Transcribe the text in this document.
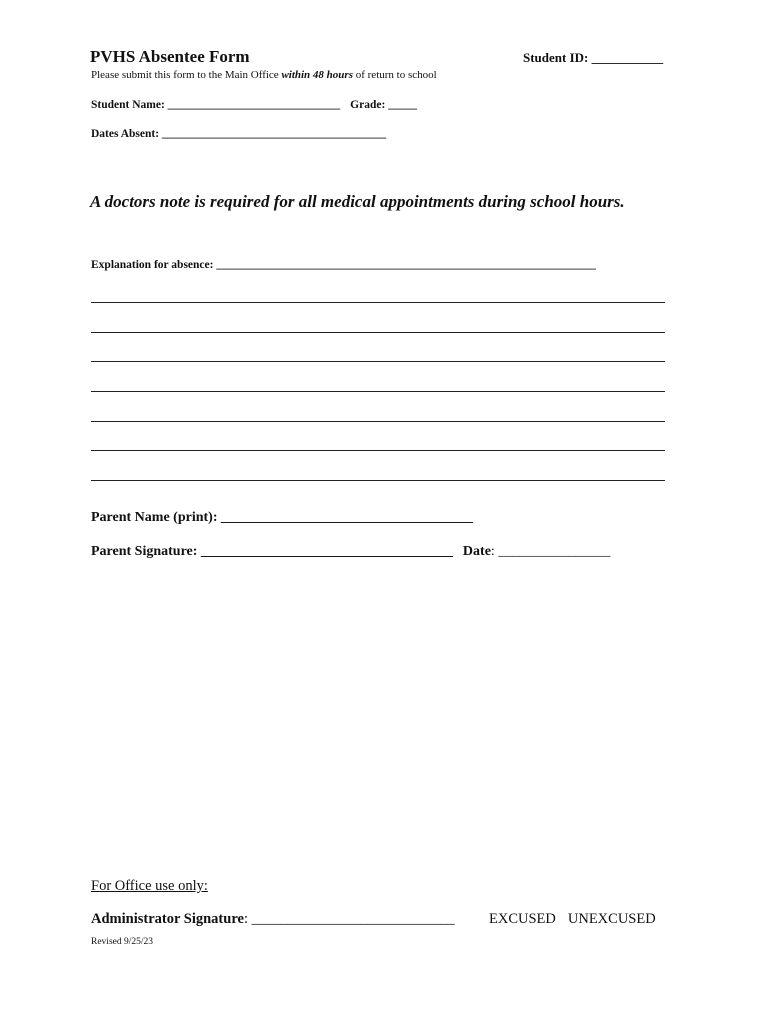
PVHS Absentee Form	Student ID: ___________
Please submit this form to the Main Office within 48 hours of return to school
Student Name: ______________________________ Grade: _____
Dates Absent: _______________________________________
A doctors note is required for all medical appointments during school hours.
Explanation for absence: __________________________________________________________________
Parent Name (print): ____________________________________
Parent Signature: ____________________________________ Date: ________________
For Office use only:
Administrator Signature: ____________________________ EXCUSED UNEXCUSED
Revised 9/25/23
